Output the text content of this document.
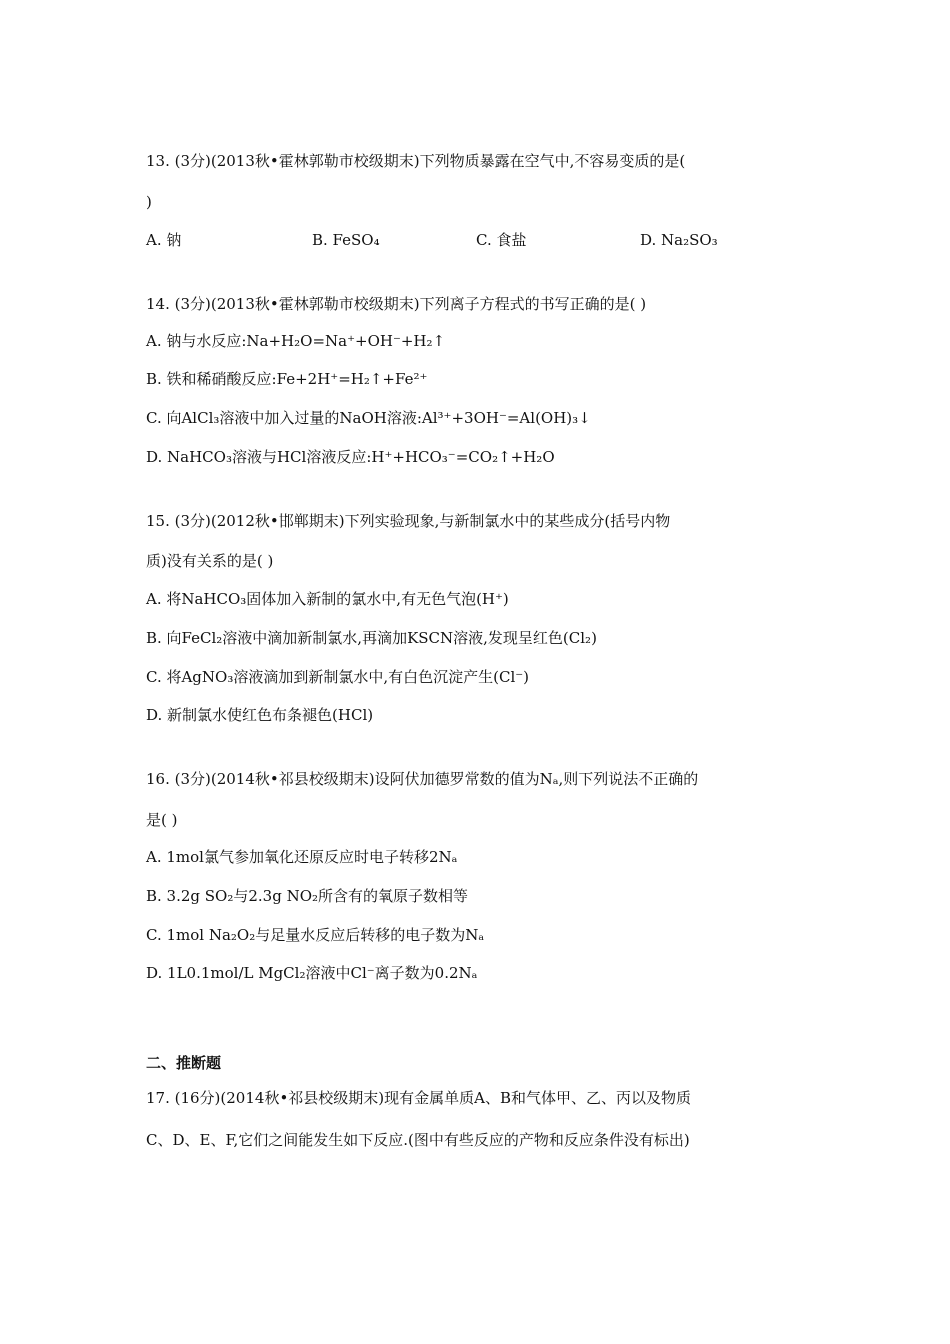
13. (3分)(2013秋•霍林郭勒市校级期末)下列物质暴露在空气中,不容易变质的是(
)
A. 钠	B. FeSO₄	C. 食盐	D. Na₂SO₃
14. (3分)(2013秋•霍林郭勒市校级期末)下列离子方程式的书写正确的是( )
A. 钠与水反应:Na+H₂O=Na⁺+OH⁻+H₂↑
B. 铁和稀硝酸反应:Fe+2H⁺=H₂↑+Fe²⁺
C. 向AlCl₃溶液中加入过量的NaOH溶液:Al³⁺+3OH⁻=Al(OH)₃↓
D. NaHCO₃溶液与HCl溶液反应:H⁺+HCO₃⁻=CO₂↑+H₂O
15. (3分)(2012秋•邯郸期末)下列实验现象,与新制氯水中的某些成分(括号内物
质)没有关系的是( )
A. 将NaHCO₃固体加入新制的氯水中,有无色气泡(H⁺)
B. 向FeCl₂溶液中滴加新制氯水,再滴加KSCN溶液,发现呈红色(Cl₂)
C. 将AgNO₃溶液滴加到新制氯水中,有白色沉淀产生(Cl⁻)
D. 新制氯水使红色布条褪色(HCl)
16. (3分)(2014秋•祁县校级期末)设阿伏加德罗常数的值为Nₐ,则下列说法不正确的
是( )
A. 1mol氯气参加氧化还原反应时电子转移2Nₐ
B. 3.2g SO₂与2.3g NO₂所含有的氧原子数相等
C. 1mol Na₂O₂与足量水反应后转移的电子数为Nₐ
D. 1L0.1mol/L MgCl₂溶液中Cl⁻离子数为0.2Nₐ
二、推断题
17. (16分)(2014秋•祁县校级期末)现有金属单质A、B和气体甲、乙、丙以及物质
C、D、E、F,它们之间能发生如下反应.(图中有些反应的产物和反应条件没有标出)
